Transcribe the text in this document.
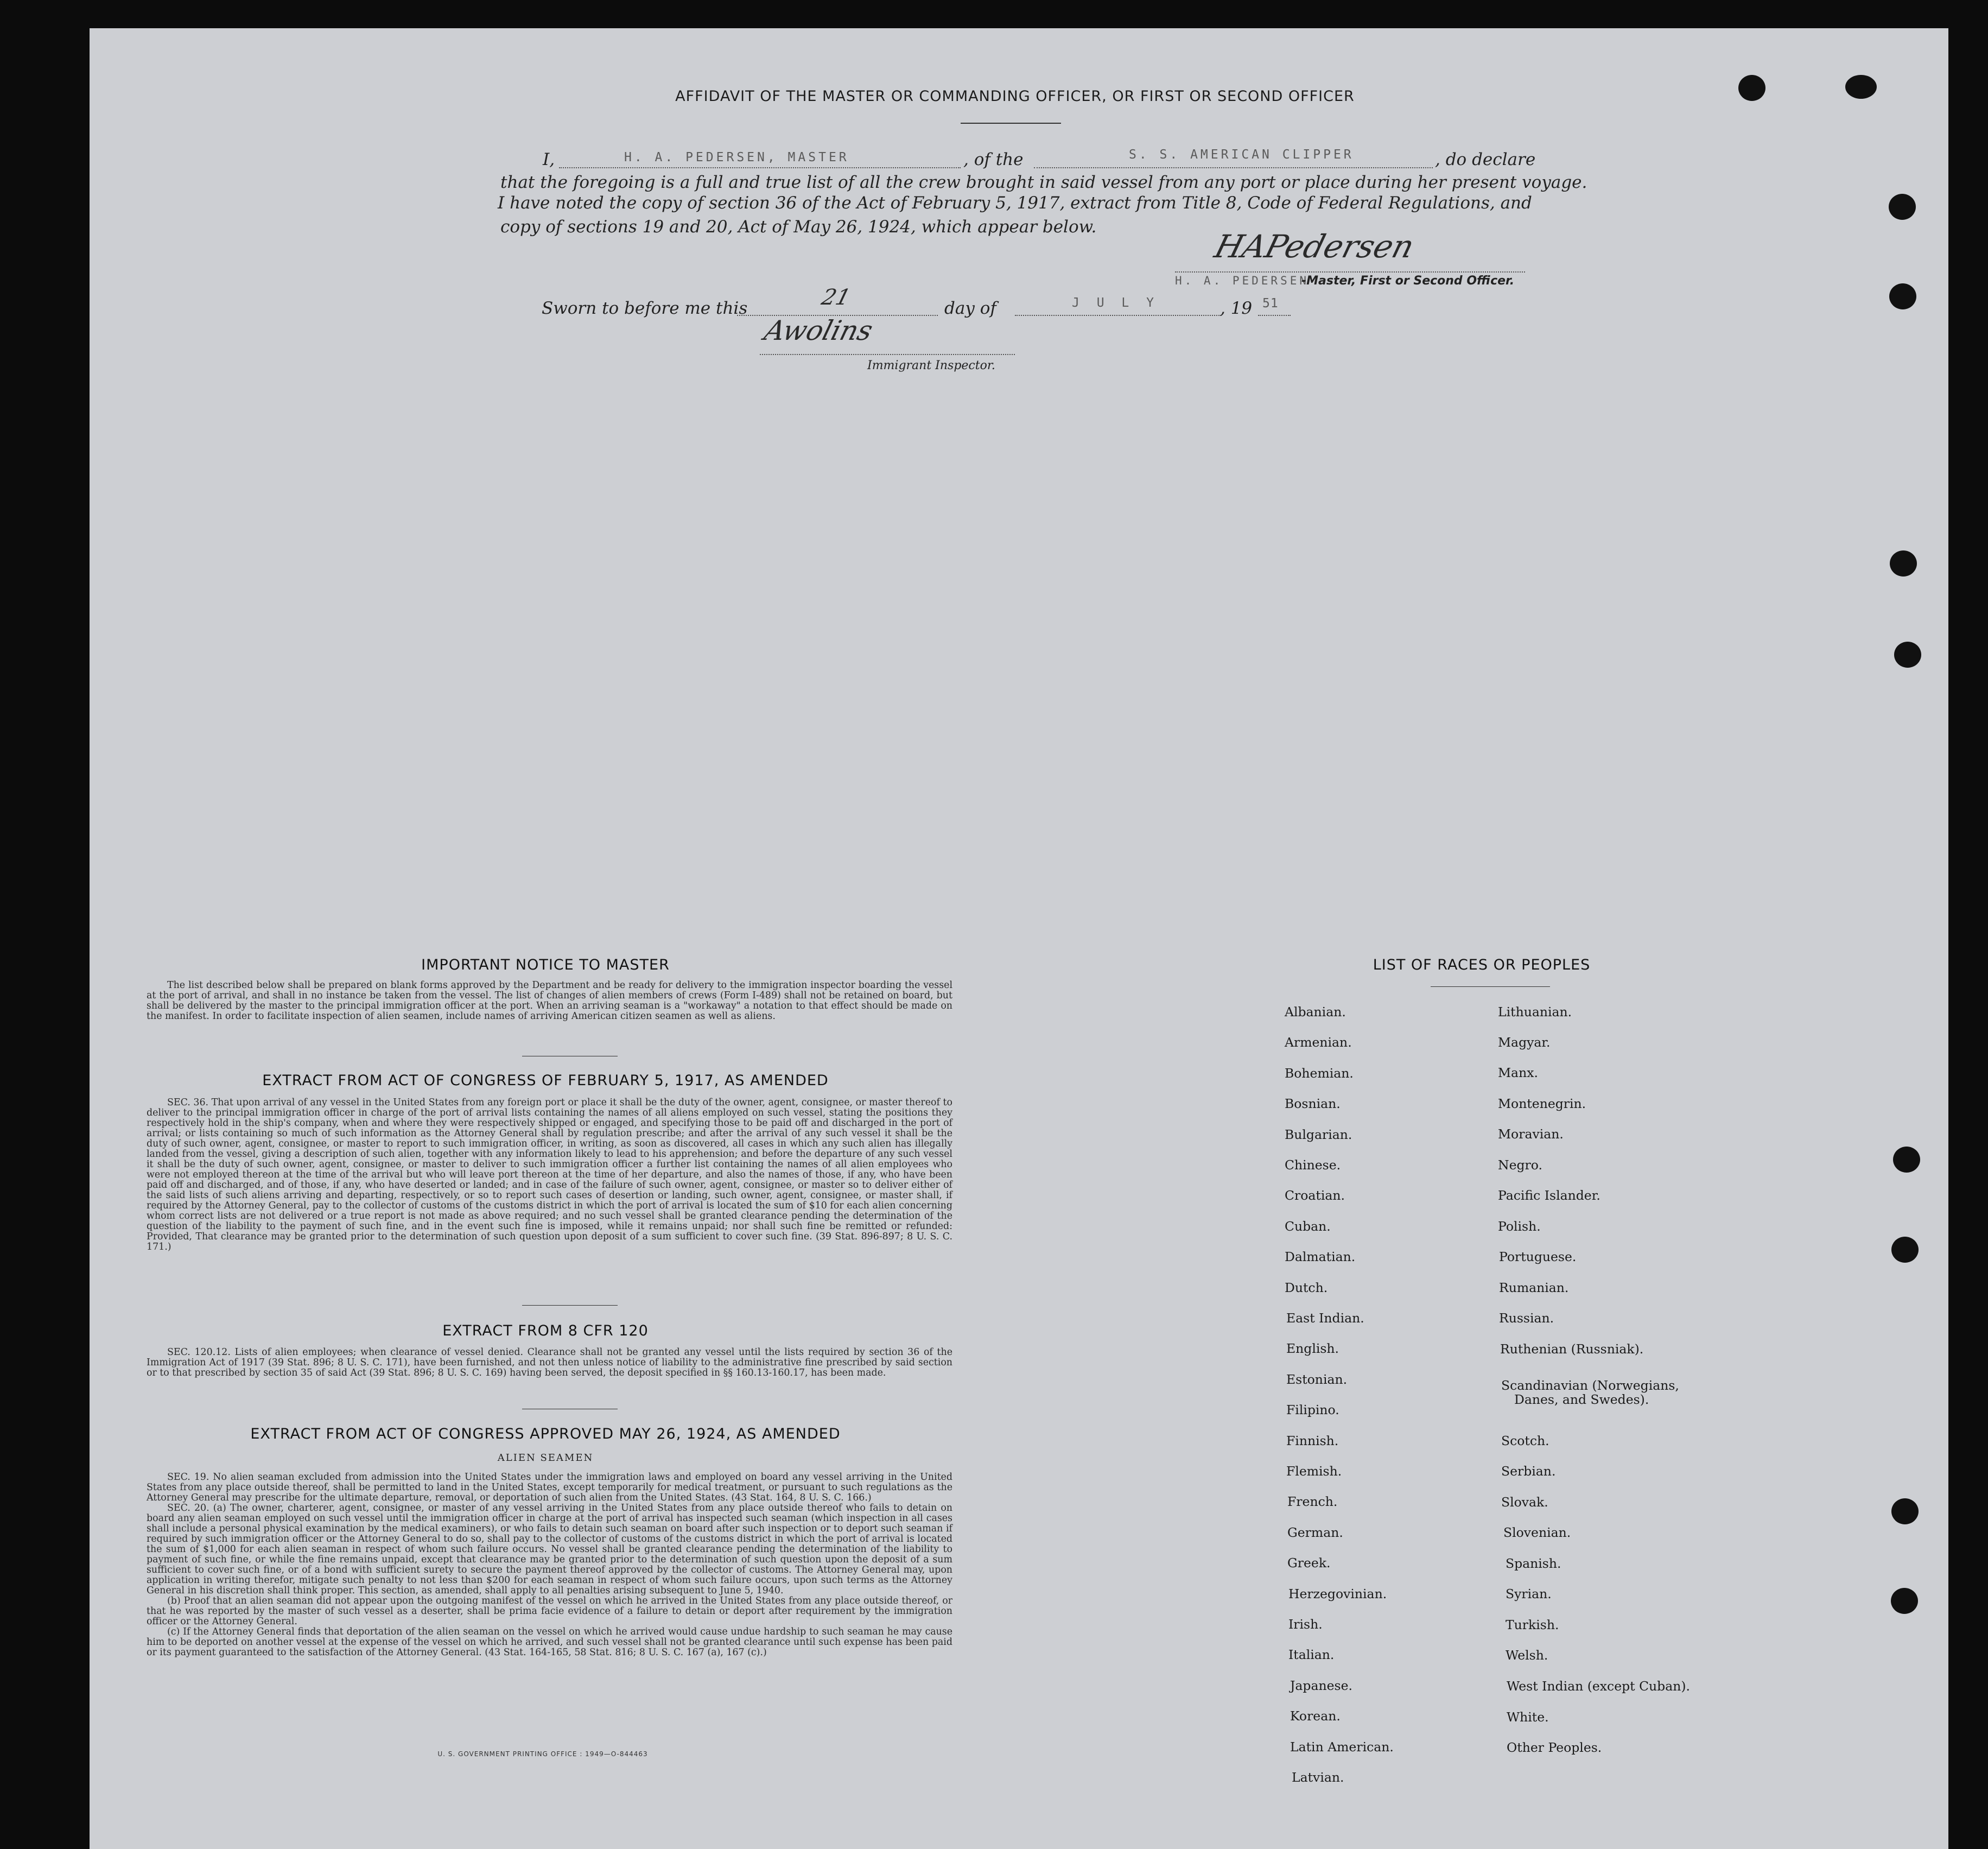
AFFIDAVIT OF THE MASTER OR COMMANDING OFFICER, OR FIRST OR SECOND OFFICER
I,	H. A. PEDERSEN, MASTER	, of the	S. S. AMERICAN CLIPPER	, do declare
that the foregoing is a full and true list of all the crew brought in said vessel from any port or place during her present voyage.
I have noted the copy of section 36 of the Act of February 5, 1917, extract from Title 8, Code of Federal Regulations, and
copy of sections 19 and 20, Act of May 26, 1924, which appear below.
HAPedersen
H. A. PEDERSEN
-Master, First or Second Officer.
Sworn to before me this	21	day of	J U L Y	, 19 51
Awolins
Immigrant Inspector.
IMPORTANT NOTICE TO MASTER

The list described below shall be prepared on blank forms approved by the Department and be ready for delivery to the immigration inspector boarding the vessel at the port of arrival, and shall in no instance be taken from the vessel. The list of changes of alien members of crews (Form I-489) shall not be retained on board, but shall be delivered by the master to the principal immigration officer at the port. When an arriving seaman is a "workaway" a notation to that effect should be made on the manifest. In order to facilitate inspection of alien seamen, include names of arriving American citizen seamen as well as aliens.

EXTRACT FROM ACT OF CONGRESS OF FEBRUARY 5, 1917, AS AMENDED

SEC. 36. That upon arrival of any vessel in the United States from any foreign port or place it shall be the duty of the owner, agent, consignee, or master thereof to deliver to the principal immigration officer in charge of the port of arrival lists containing the names of all aliens employed on such vessel, stating the positions they respectively hold in the ship's company, when and where they were respectively shipped or engaged, and specifying those to be paid off and discharged in the port of arrival; or lists containing so much of such information as the Attorney General shall by regulation prescribe; and after the arrival of any such vessel it shall be the duty of such owner, agent, consignee, or master to report to such immigration officer, in writing, as soon as discovered, all cases in which any such alien has illegally landed from the vessel, giving a description of such alien, together with any information likely to lead to his apprehension; and before the departure of any such vessel it shall be the duty of such owner, agent, consignee, or master to deliver to such immigration officer a further list containing the names of all alien employees who were not employed thereon at the time of the arrival but who will leave port thereon at the time of her departure, and also the names of those, if any, who have been paid off and discharged, and of those, if any, who have deserted or landed; and in case of the failure of such owner, agent, consignee, or master so to deliver either of the said lists of such aliens arriving and departing, respectively, or so to report such cases of desertion or landing, such owner, agent, consignee, or master shall, if required by the Attorney General, pay to the collector of customs of the customs district in which the port of arrival is located the sum of $10 for each alien concerning whom correct lists are not delivered or a true report is not made as above required; and no such vessel shall be granted clearance pending the determination of the question of the liability to the payment of such fine, and in the event such fine is imposed, while it remains unpaid; nor shall such fine be remitted or refunded: Provided, That clearance may be granted prior to the determination of such question upon deposit of a sum sufficient to cover such fine. (39 Stat. 896-897; 8 U. S. C. 171.)

EXTRACT FROM 8 CFR 120

SEC. 120.12. Lists of alien employees; when clearance of vessel denied. Clearance shall not be granted any vessel until the lists required by section 36 of the Immigration Act of 1917 (39 Stat. 896; 8 U. S. C. 171), have been furnished, and not then unless notice of liability to the administrative fine prescribed by said section or to that prescribed by section 35 of said Act (39 Stat. 896; 8 U. S. C. 169) having been served, the deposit specified in §§ 160.13-160.17, has been made.

EXTRACT FROM ACT OF CONGRESS APPROVED MAY 26, 1924, AS AMENDED
ALIEN SEAMEN

SEC. 19. No alien seaman excluded from admission into the United States under the immigration laws and employed on board any vessel arriving in the United States from any place outside thereof, shall be permitted to land in the United States, except temporarily for medical treatment, or pursuant to such regulations as the Attorney General may prescribe for the ultimate departure, removal, or deportation of such alien from the United States. (43 Stat. 164, 8 U. S. C. 166.)

SEC. 20. (a) The owner, charterer, agent, consignee, or master of any vessel arriving in the United States from any place outside thereof who fails to detain on board any alien seaman employed on such vessel until the immigration officer in charge at the port of arrival has inspected such seaman (which inspection in all cases shall include a personal physical examination by the medical examiners), or who fails to detain such seaman on board after such inspection or to deport such seaman if required by such immigration officer or the Attorney General to do so, shall pay to the collector of customs of the customs district in which the port of arrival is located the sum of $1,000 for each alien seaman in respect of whom such failure occurs. No vessel shall be granted clearance pending the determination of the liability to payment of such fine, or while the fine remains unpaid, except that clearance may be granted prior to the determination of such question upon the deposit of a sum sufficient to cover such fine, or of a bond with sufficient surety to secure the payment thereof approved by the collector of customs. The Attorney General may, upon application in writing therefor, mitigate such penalty to not less than $200 for each seaman in respect of whom such failure occurs, upon such terms as the Attorney General in his discretion shall think proper. This section, as amended, shall apply to all penalties arising subsequent to June 5, 1940.

(b) Proof that an alien seaman did not appear upon the outgoing manifest of the vessel on which he arrived in the United States from any place outside thereof, or that he was reported by the master of such vessel as a deserter, shall be prima facie evidence of a failure to detain or deport after requirement by the immigration officer or the Attorney General.

(c) If the Attorney General finds that deportation of the alien seaman on the vessel on which he arrived would cause undue hardship to such seaman he may cause him to be deported on another vessel at the expense of the vessel on which he arrived, and such vessel shall not be granted clearance until such expense has been paid or its payment guaranteed to the satisfaction of the Attorney General. (43 Stat. 164-165, 58 Stat. 816; 8 U. S. C. 167 (a), 167 (c).)

U. S. GOVERNMENT PRINTING OFFICE : 1949—O-844463
LIST OF RACES OR PEOPLES
Albanian.
Armenian.
Bohemian.
Bosnian.
Bulgarian.
Chinese.
Croatian.
Cuban.
Dalmatian.
Dutch.
East Indian.
English.
Estonian.
Filipino.
Finnish.
Flemish.
French.
German.
Greek.
Herzegovinian.
Irish.
Italian.
Japanese.
Korean.
Latin American.
Latvian.
Lithuanian.
Magyar.
Manx.
Montenegrin.
Moravian.
Negro.
Pacific Islander.
Polish.
Portuguese.
Rumanian.
Russian.
Ruthenian (Russniak).
Scandinavian (Norwegians,
Danes, and Swedes).
Scotch.
Serbian.
Slovak.
Slovenian.
Spanish.
Syrian.
Turkish.
Welsh.
West Indian (except Cuban).
White.
Other Peoples.
